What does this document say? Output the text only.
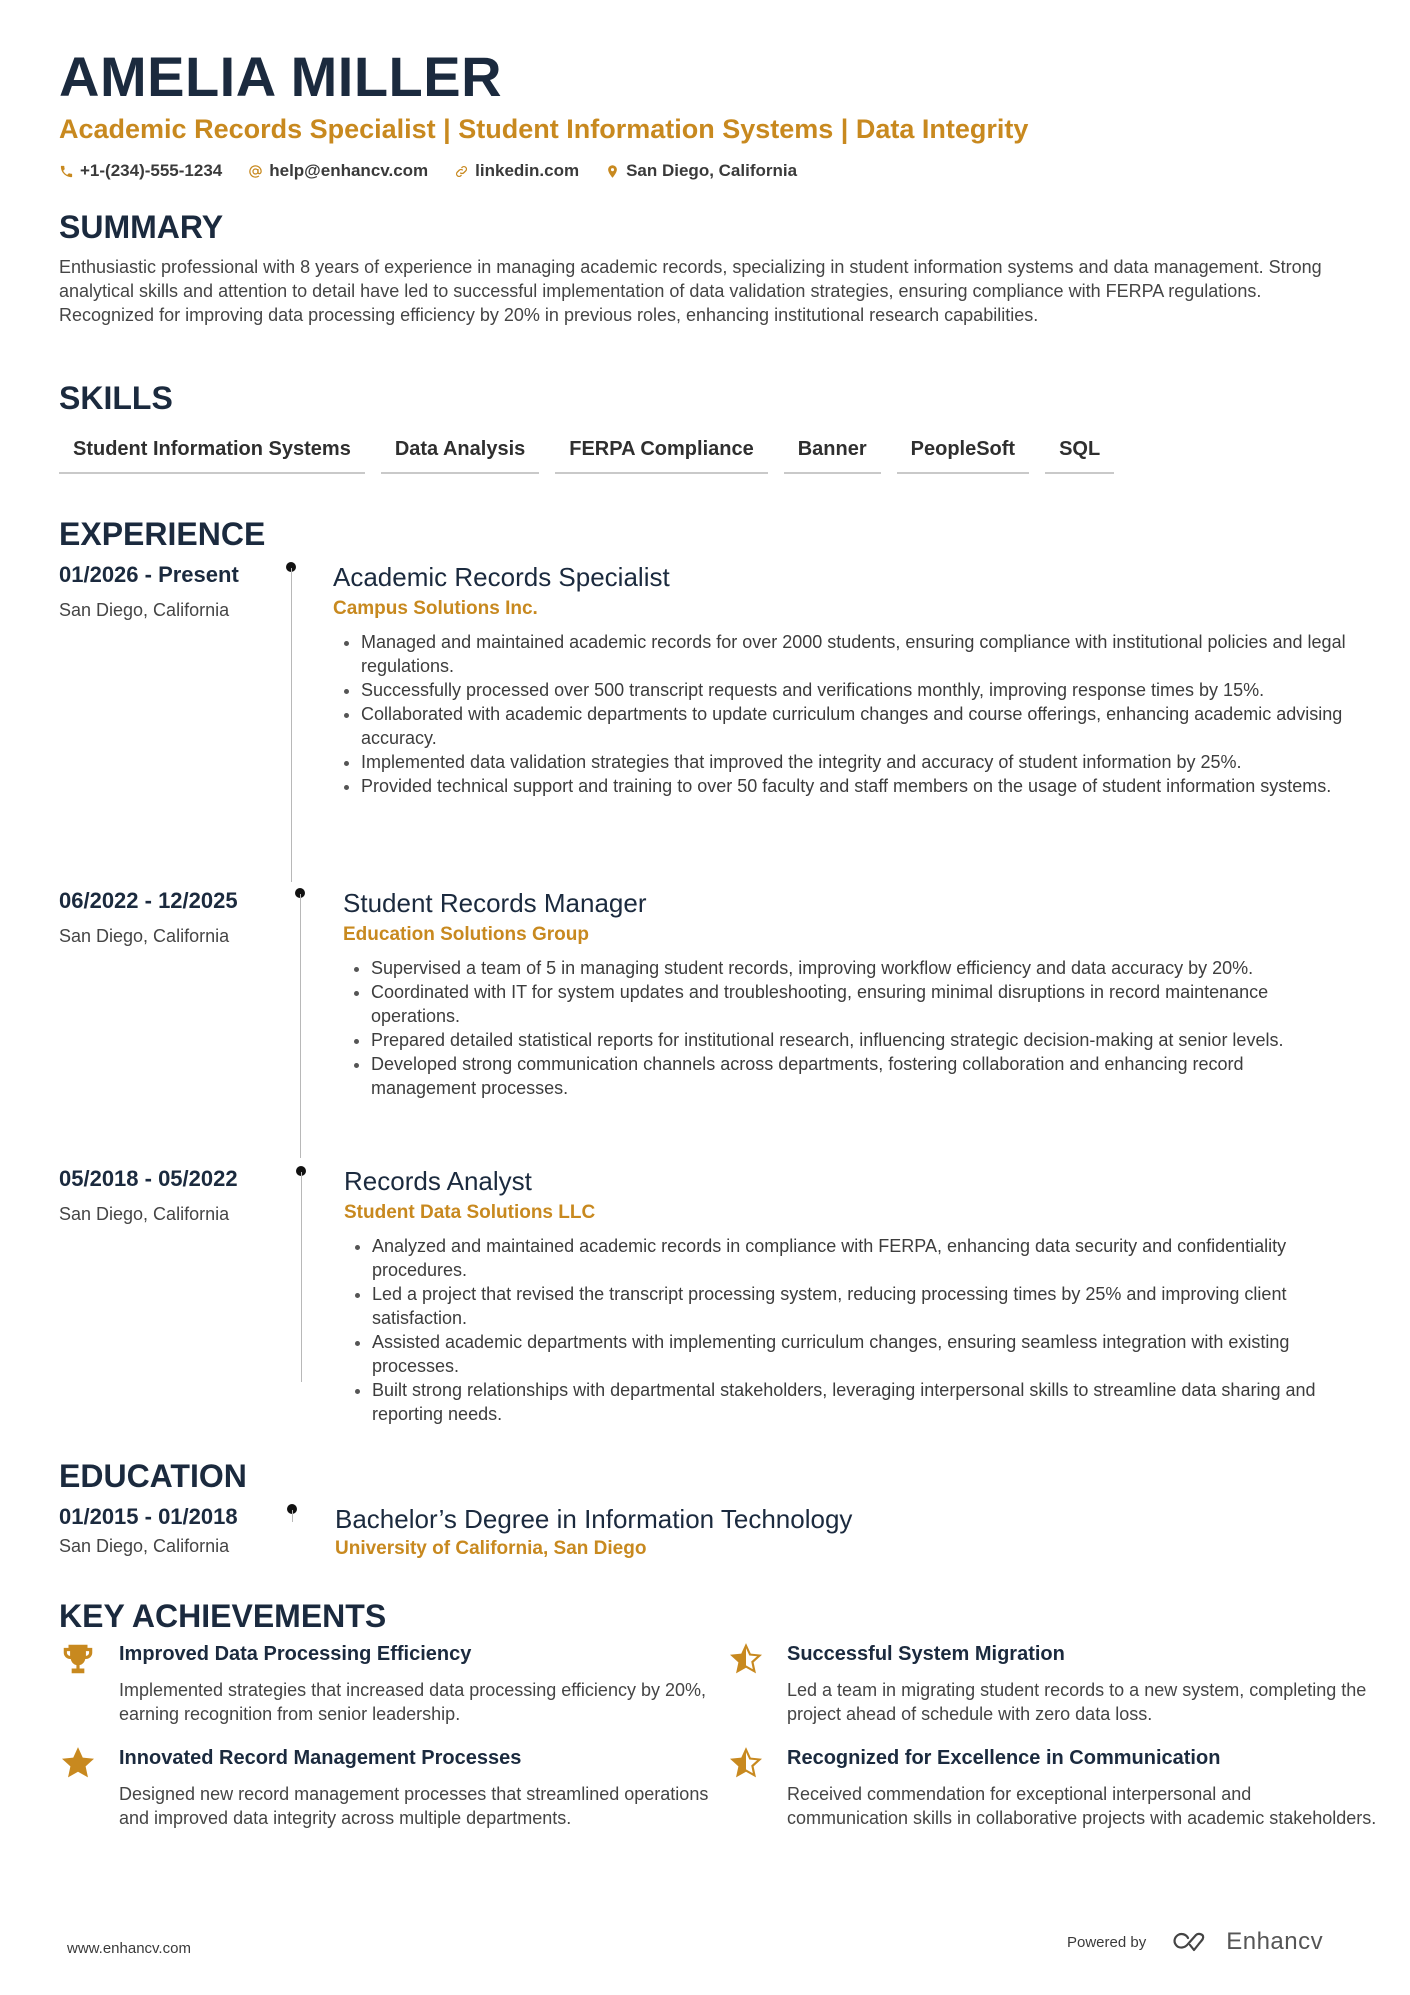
AMELIA MILLER
Academic Records Specialist | Student Information Systems | Data Integrity
+1-(234)-555-1234	help@enhancv.com	linkedin.com	San Diego, California
SUMMARY
Enthusiastic professional with 8 years of experience in managing academic records, specializing in student information systems and data management. Strong analytical skills and attention to detail have led to successful implementation of data validation strategies, ensuring compliance with FERPA regulations. Recognized for improving data processing efficiency by 20% in previous roles, enhancing institutional research capabilities.
SKILLS
Student Information Systems	Data Analysis	FERPA Compliance	Banner	PeopleSoft	SQL
EXPERIENCE
01/2026 - Present
San Diego, California
Academic Records Specialist
Campus Solutions Inc.
• Managed and maintained academic records for over 2000 students, ensuring compliance with institutional policies and legal regulations.
• Successfully processed over 500 transcript requests and verifications monthly, improving response times by 15%.
• Collaborated with academic departments to update curriculum changes and course offerings, enhancing academic advising accuracy.
• Implemented data validation strategies that improved the integrity and accuracy of student information by 25%.
• Provided technical support and training to over 50 faculty and staff members on the usage of student information systems.
06/2022 - 12/2025
San Diego, California
Student Records Manager
Education Solutions Group
• Supervised a team of 5 in managing student records, improving workflow efficiency and data accuracy by 20%.
• Coordinated with IT for system updates and troubleshooting, ensuring minimal disruptions in record maintenance operations.
• Prepared detailed statistical reports for institutional research, influencing strategic decision-making at senior levels.
• Developed strong communication channels across departments, fostering collaboration and enhancing record management processes.
05/2018 - 05/2022
San Diego, California
Records Analyst
Student Data Solutions LLC
• Analyzed and maintained academic records in compliance with FERPA, enhancing data security and confidentiality procedures.
• Led a project that revised the transcript processing system, reducing processing times by 25% and improving client satisfaction.
• Assisted academic departments with implementing curriculum changes, ensuring seamless integration with existing processes.
• Built strong relationships with departmental stakeholders, leveraging interpersonal skills to streamline data sharing and reporting needs.
EDUCATION
01/2015 - 01/2018
San Diego, California
Bachelor’s Degree in Information Technology
University of California, San Diego
KEY ACHIEVEMENTS
Improved Data Processing Efficiency
Implemented strategies that increased data processing efficiency by 20%, earning recognition from senior leadership.
Successful System Migration
Led a team in migrating student records to a new system, completing the project ahead of schedule with zero data loss.
Innovated Record Management Processes
Designed new record management processes that streamlined operations and improved data integrity across multiple departments.
Recognized for Excellence in Communication
Received commendation for exceptional interpersonal and communication skills in collaborative projects with academic stakeholders.
www.enhancv.com	Powered by	Enhancv
